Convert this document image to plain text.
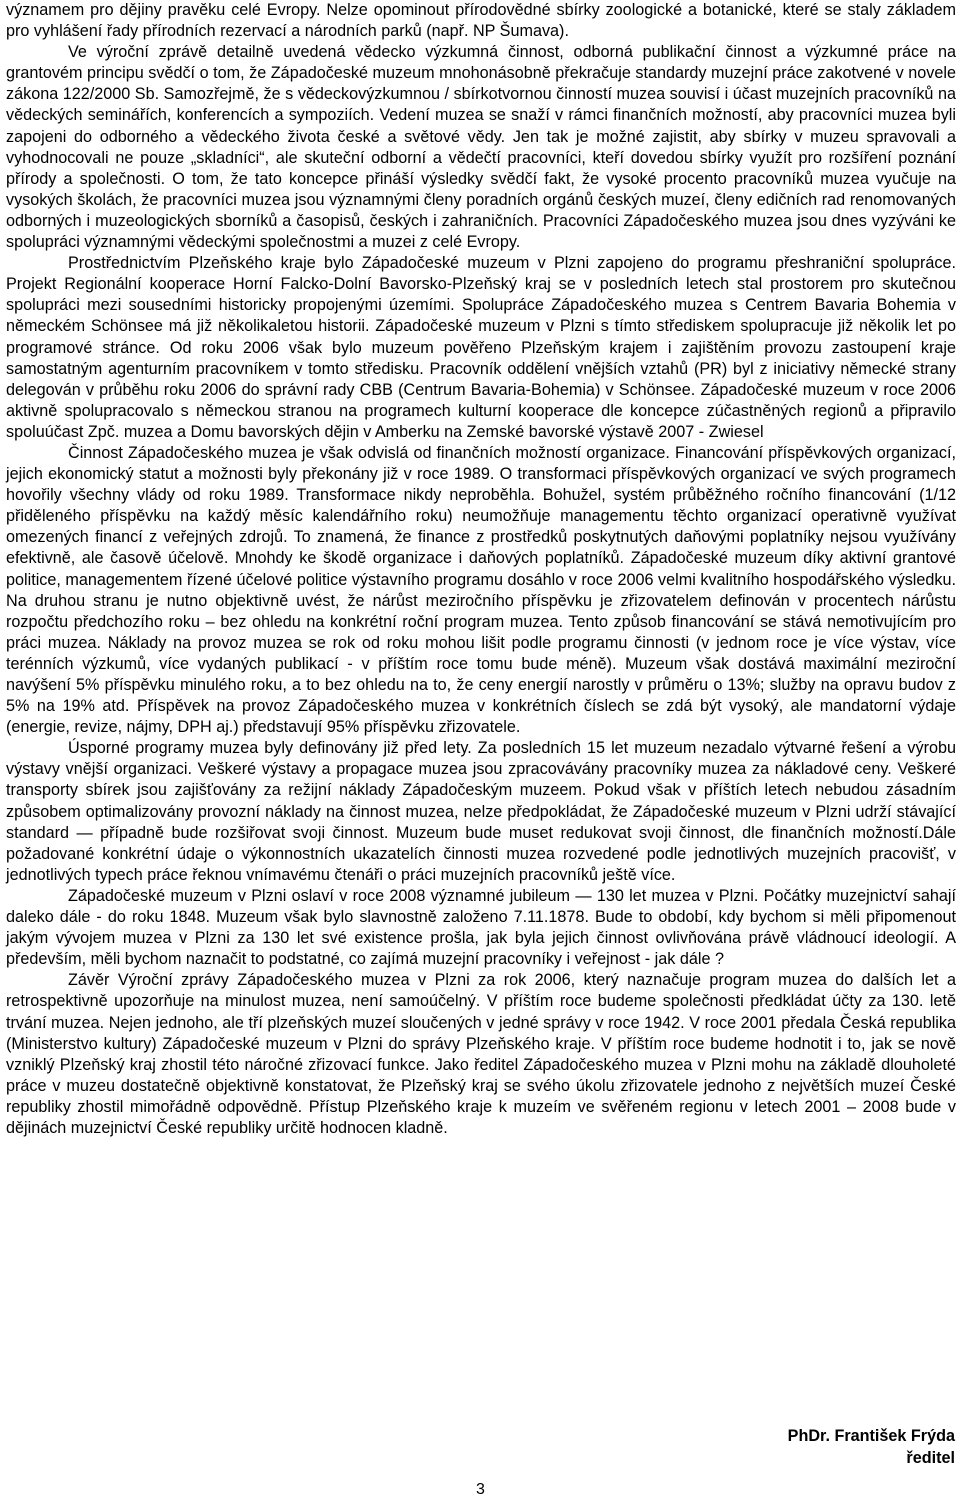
významem pro dějiny pravěku celé Evropy. Nelze opominout přírodovědné sbírky zoologické a botanické, které se staly základem pro vyhlášení řady přírodních rezervací a národních parků (např. NP Šumava).

Ve výroční zprávě detailně uvedená vědecko výzkumná činnost, odborná publikační činnost a výzkumné práce na grantovém principu svědčí o tom, že Západočeské muzeum mnohonásobně překračuje standardy muzejní práce zakotvené v novele zákona 122/2000 Sb. Samozřejmě, že s vědeckovýzkumnou / sbírkotvornou činností muzea souvisí i účast muzejních pracovníků na vědeckých seminářích, konferencích a sympoziích. Vedení muzea se snaží v rámci finančních možností, aby pracovníci muzea byli zapojeni do odborného a vědeckého života české a světové vědy. Jen tak je možné zajistit, aby sbírky v muzeu spravovali a vyhodnocovali ne pouze „skladníci“, ale skuteční odborní a vědečtí pracovníci, kteří dovedou sbírky využít pro rozšíření poznání přírody a společnosti. O tom, že tato koncepce přináší výsledky svědčí fakt, že vysoké procento pracovníků muzea vyučuje na vysokých školách, že pracovníci muzea jsou významnými členy poradních orgánů českých muzeí, členy edičních rad renomovaných odborných i muzeologických sborníků a časopisů, českých i zahraničních. Pracovníci Západočeského muzea jsou dnes vyzýváni ke spolupráci významnými vědeckými společnostmi a muzei z celé Evropy.

Prostřednictvím Plzeňského kraje bylo Západočeské muzeum v Plzni zapojeno do programu přeshraniční spolupráce. Projekt Regionální kooperace Horní Falcko-Dolní Bavorsko-Plzeňský kraj se v posledních letech stal prostorem pro skutečnou spolupráci mezi sousedními historicky propojenými územími. Spolupráce Západočeského muzea s Centrem Bavaria Bohemia v německém Schönsee má již několikaletou historii. Západočeské muzeum v Plzni s tímto střediskem spolupracuje již několik let po programové stránce. Od roku 2006 však bylo muzeum pověřeno Plzeňským krajem i zajištěním provozu zastoupení kraje samostatným agenturním pracovníkem v tomto středisku. Pracovník oddělení vnějších vztahů (PR) byl z iniciativy německé strany delegován v průběhu roku 2006 do správní rady CBB (Centrum Bavaria-Bohemia) v Schönsee. Západočeské muzeum v roce 2006 aktivně spolupracovalo s německou stranou na programech kulturní kooperace dle koncepce zúčastněných regionů a připravilo spoluúčast Zpč. muzea a Domu bavorských dějin v Amberku na Zemské bavorské výstavě 2007 - Zwiesel

Činnost Západočeského muzea je však odvislá od finančních možností organizace. Financování příspěvkových organizací, jejich ekonomický statut a možnosti byly překonány již v roce 1989. O transformaci příspěvkových organizací ve svých programech hovořily všechny vlády od roku 1989. Transformace nikdy neproběhla. Bohužel, systém průběžného ročního financování (1/12 přiděleného příspěvku na každý měsíc kalendářního roku) neumožňuje managementu těchto organizací operativně využívat omezených financí z veřejných zdrojů. To znamená, že finance z prostředků poskytnutých daňovými poplatníky nejsou využívány efektivně, ale časově účelově. Mnohdy ke škodě organizace i daňových poplatníků. Západočeské muzeum díky aktivní grantové politice, managementem řízené účelové politice výstavního programu dosáhlo v roce 2006 velmi kvalitního hospodářského výsledku. Na druhou stranu je nutno objektivně uvést, že nárůst meziročního příspěvku je zřizovatelem definován v procentech nárůstu rozpočtu předchozího roku – bez ohledu na konkrétní roční program muzea. Tento způsob financování se stává nemotivujícím pro práci muzea. Náklady na provoz muzea se rok od roku mohou lišit podle programu činnosti (v jednom roce je více výstav, více terénních výzkumů, více vydaných publikací - v příštím roce tomu bude méně). Muzeum však dostává maximální meziroční navýšení 5% příspěvku minulého roku, a to bez ohledu na to, že ceny energií narostly v průměru o 13%; služby na opravu budov z 5% na 19% atd. Příspěvek na provoz Západočeského muzea v konkrétních číslech se zdá být vysoký, ale mandatorní výdaje (energie, revize, nájmy, DPH aj.) představují 95% příspěvku zřizovatele.

Úsporné programy muzea byly definovány již před lety. Za posledních 15 let muzeum nezadalo výtvarné řešení a výrobu výstavy vnější organizaci. Veškeré výstavy a propagace muzea jsou zpracovávány pracovníky muzea za nákladové ceny. Veškeré transporty sbírek jsou zajišťovány za režijní náklady Západočeským muzeem. Pokud však v příštích letech nebudou zásadním způsobem optimalizovány provozní náklady na činnost muzea, nelze předpokládat, že Západočeské muzeum v Plzni udrží stávající standard — případně bude rozšiřovat svoji činnost. Muzeum bude muset redukovat svoji činnost, dle finančních možností.Dále požadované konkrétní údaje o výkonnostních ukazatelích činnosti muzea rozvedené podle jednotlivých muzejních pracovišť, v jednotlivých typech práce řeknou vnímavému čtenáři o práci muzejních pracovníků ještě více.

Západočeské muzeum v Plzni oslaví v roce 2008 významné jubileum — 130 let muzea v Plzni. Počátky muzejnictví sahají daleko dále - do roku 1848. Muzeum však bylo slavnostně založeno 7.11.1878. Bude to období, kdy bychom si měli připomenout jakým vývojem muzea v Plzni za 130 let své existence prošla, jak byla jejich činnost ovlivňována právě vládnoucí ideologií. A především, měli bychom naznačit to podstatné, co zajímá muzejní pracovníky i veřejnost - jak dále ?

Závěr Výroční zprávy Západočeského muzea v Plzni za rok 2006, který naznačuje program muzea do dalších let a retrospektivně upozorňuje na minulost muzea, není samoúčelný. V příštím roce budeme společnosti předkládat účty za 130. letě trvání muzea. Nejen jednoho, ale tří plzeňských muzeí sloučených v jedné správy v roce 1942. V roce 2001 předala Česká republika (Ministerstvo kultury) Západočeské muzeum v Plzni do správy Plzeňského kraje. V příštím roce budeme hodnotit i to, jak se nově vzniklý Plzeňský kraj zhostil této náročné zřizovací funkce. Jako ředitel Západočeského muzea v Plzni mohu na základě dlouholeté práce v muzeu dostatečně objektivně konstatovat, že Plzeňský kraj se svého úkolu zřizovatele jednoho z největších muzeí České republiky zhostil mimořádně odpovědně. Přístup Plzeňského kraje k muzeím ve svěřeném regionu v letech 2001 – 2008 bude v dějinách muzejnictví České republiky určitě hodnocen kladně.

PhDr. František Frýda
ředitel
3
